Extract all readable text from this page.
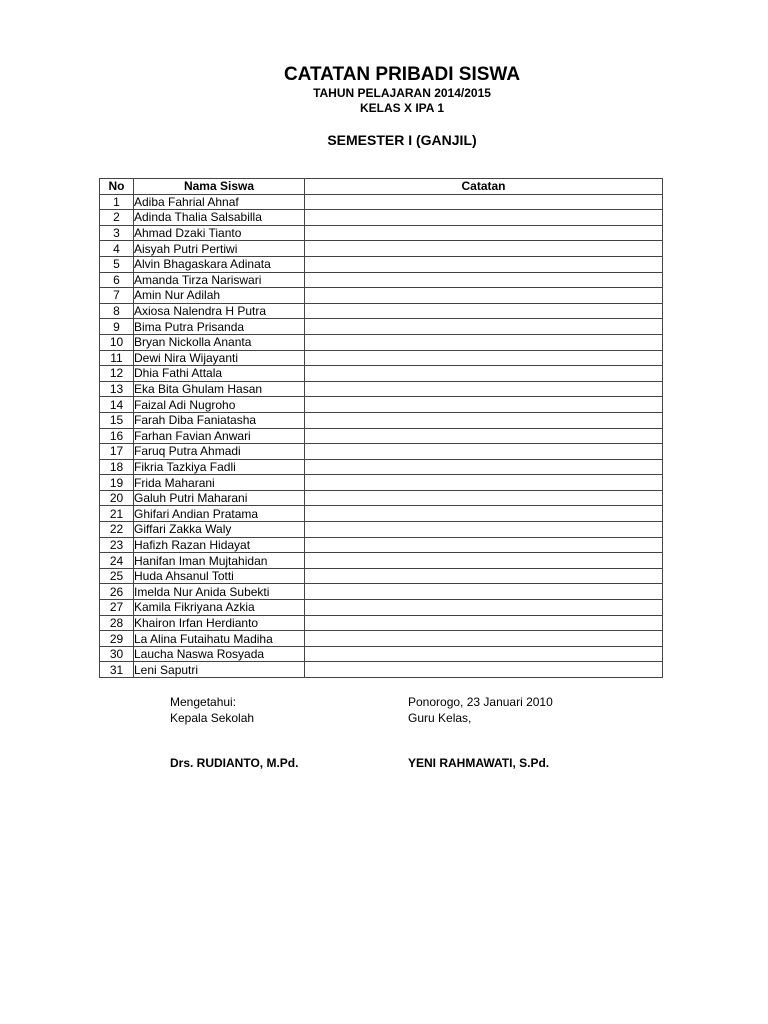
CATATAN PRIBADI SISWA
TAHUN PELAJARAN 2014/2015
KELAS X IPA 1
SEMESTER I (GANJIL)
No	Nama Siswa	Catatan
1	Adiba Fahrial Ahnaf	
2	Adinda Thalia Salsabilla	
3	Ahmad Dzaki Tianto	
4	Aisyah Putri Pertiwi	
5	Alvin Bhagaskara Adinata	
6	Amanda Tirza Nariswari	
7	Amin Nur Adilah	
8	Axiosa Nalendra H Putra	
9	Bima Putra Prisanda	
10	Bryan Nickolla Ananta	
11	Dewi Nira Wijayanti	
12	Dhia Fathi Attala	
13	Eka Bita Ghulam Hasan	
14	Faizal Adi Nugroho	
15	Farah Diba Faniatasha	
16	Farhan Favian Anwari	
17	Faruq Putra Ahmadi	
18	Fikria Tazkiya Fadli	
19	Frida Maharani	
20	Galuh Putri Maharani	
21	Ghifari Andian Pratama	
22	Giffari Zakka Waly	
23	Hafizh Razan Hidayat	
24	Hanifan Iman Mujtahidan	
25	Huda Ahsanul Totti	
26	Imelda Nur Anida Subekti	
27	Kamila Fikriyana Azkia	
28	Khairon Irfan Herdianto	
29	La Alina Futaihatu Madiha	
30	Laucha Naswa Rosyada	
31	Leni Saputri	
Mengetahui:
Kepala Sekolah
Drs. RUDIANTO, M.Pd.
Ponorogo, 23 Januari 2010
Guru Kelas,
YENI RAHMAWATI, S.Pd.
